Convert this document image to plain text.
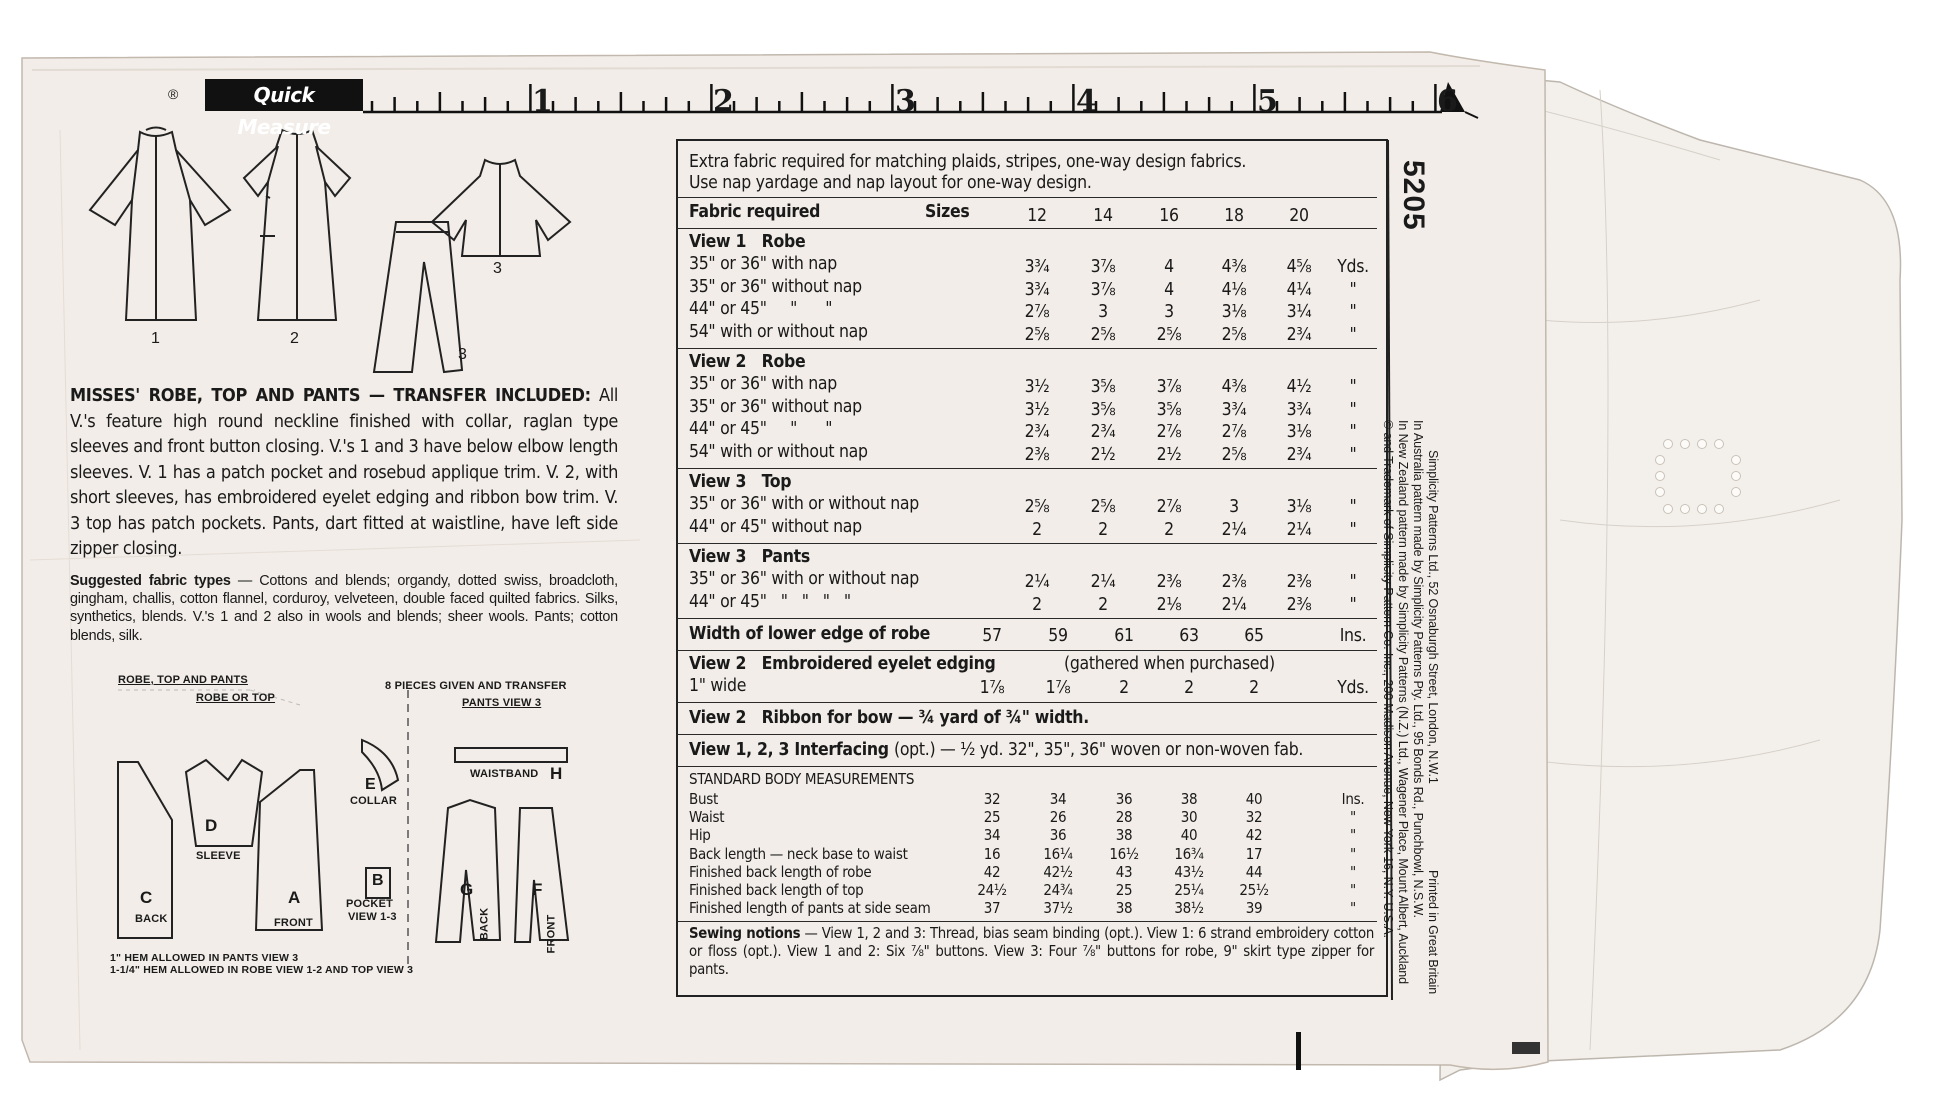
®	Quick Measure
1	2	3	4	5	6
5205
1	2
3
3
MISSES' ROBE, TOP AND PANTS — TRANSFER INCLUDED: All V.'s feature high round neckline finished with collar, raglan type sleeves and front button closing. V.'s 1 and 3 have below elbow length sleeves. V. 1 has a patch pocket and rosebud applique trim. V. 2, with short sleeves, has embroidered eyelet edging and ribbon bow trim. V. 3 top has patch pockets. Pants, dart fitted at waistline, have left side zipper closing.
Suggested fabric types — Cottons and blends; organdy, dotted swiss, broadcloth, gingham, challis, cotton flannel, corduroy, velveteen, double faced quilted fabrics. Silks, synthetics, blends. V.'s 1 and 2 also in wools and blends; sheer wools. Pants; cotton blends, silk.
ROBE, TOP AND PANTS
ROBE OR TOP
8 PIECES GIVEN AND TRANSFER
PANTS VIEW 3
D
SLEEVE
C
BACK
A
FRONT
E
COLLAR
B
POCKET
VIEW 1-3
WAISTBAND H
G	F
BACK	FRONT
1" HEM ALLOWED IN PANTS VIEW 3
1-1/4" HEM ALLOWED IN ROBE VIEW 1-2 AND TOP VIEW 3
Simplicity Patterns Ltd., 52 Osnaburgh Street, London, N.W.1
In Australia pattern made by Simplicity Patterns Pty. Ltd., 95 Bonds Rd., Punchbowl, N.S.W.
In New Zealand pattern made by Simplicity Patterns (N.Z.) Ltd., Wagener Place, Mount Albert, Auckland
© and Trademark of Simplicity Pattern Co. Inc., 200 Madison Avenue, New York 16, N.Y. U.S.A. Printed in Great Britain
Extra fabric required for matching plaids, stripes, one-way design fabrics.
Use nap yardage and nap layout for one-way design.
Fabric required	Sizes	12	14	16	18	20
View 1   Robe
35" or 36" with nap	3¾	3⅞	4	4⅜	4⅝	Yds.
35" or 36" without nap	3¾	3⅞	4	4⅛	4¼	"
44" or 45"     "      "	2⅞	3	3	3⅛	3¼	"
54" with or without nap	2⅝	2⅝	2⅝	2⅝	2¾	"
View 2   Robe
35" or 36" with nap	3½	3⅝	3⅞	4⅜	4½	"
35" or 36" without nap	3½	3⅝	3⅝	3¾	3¾	"
44" or 45"     "      "	2¾	2¾	2⅞	2⅞	3⅛	"
54" with or without nap	2⅜	2½	2½	2⅝	2¾	"
View 3   Top
35" or 36" with or without nap	2⅝	2⅝	2⅞	3	3⅛	"
44" or 45" without nap	2	2	2	2¼	2¼	"
View 3   Pants
35" or 36" with or without nap	2¼	2¼	2⅜	2⅜	2⅜	"
44" or 45"   "   "   "   "	2	2	2⅛	2¼	2⅜	"
Width of lower edge of robe	57	59	61	63	65	Ins.
View 2   Embroidered eyelet edging	(gathered when purchased)
1" wide	1⅞	1⅞	2	2	2	Yds.
View 2   Ribbon for bow — ¾ yard of ¾" width.
View 1, 2, 3 Interfacing (opt.) — ½ yd. 32", 35", 36" woven or non-woven fab.
STANDARD BODY MEASUREMENTS
Bust	32	34	36	38	40	Ins.
Waist	25	26	28	30	32	"
Hip	34	36	38	40	42	"
Back length — neck base to waist	16	16¼	16½	16¾	17	"
Finished back length of robe	42	42½	43	43½	44	"
Finished back length of top	24½	24¾	25	25¼	25½	"
Finished length of pants at side seam	37	37½	38	38½	39	"
Sewing notions — View 1, 2 and 3: Thread, bias seam binding (opt.). View 1: 6 strand embroidery cotton or floss (opt.). View 1 and 2: Six ⅞" buttons. View 3: Four ⅞" buttons for robe, 9" skirt type zipper for pants.
